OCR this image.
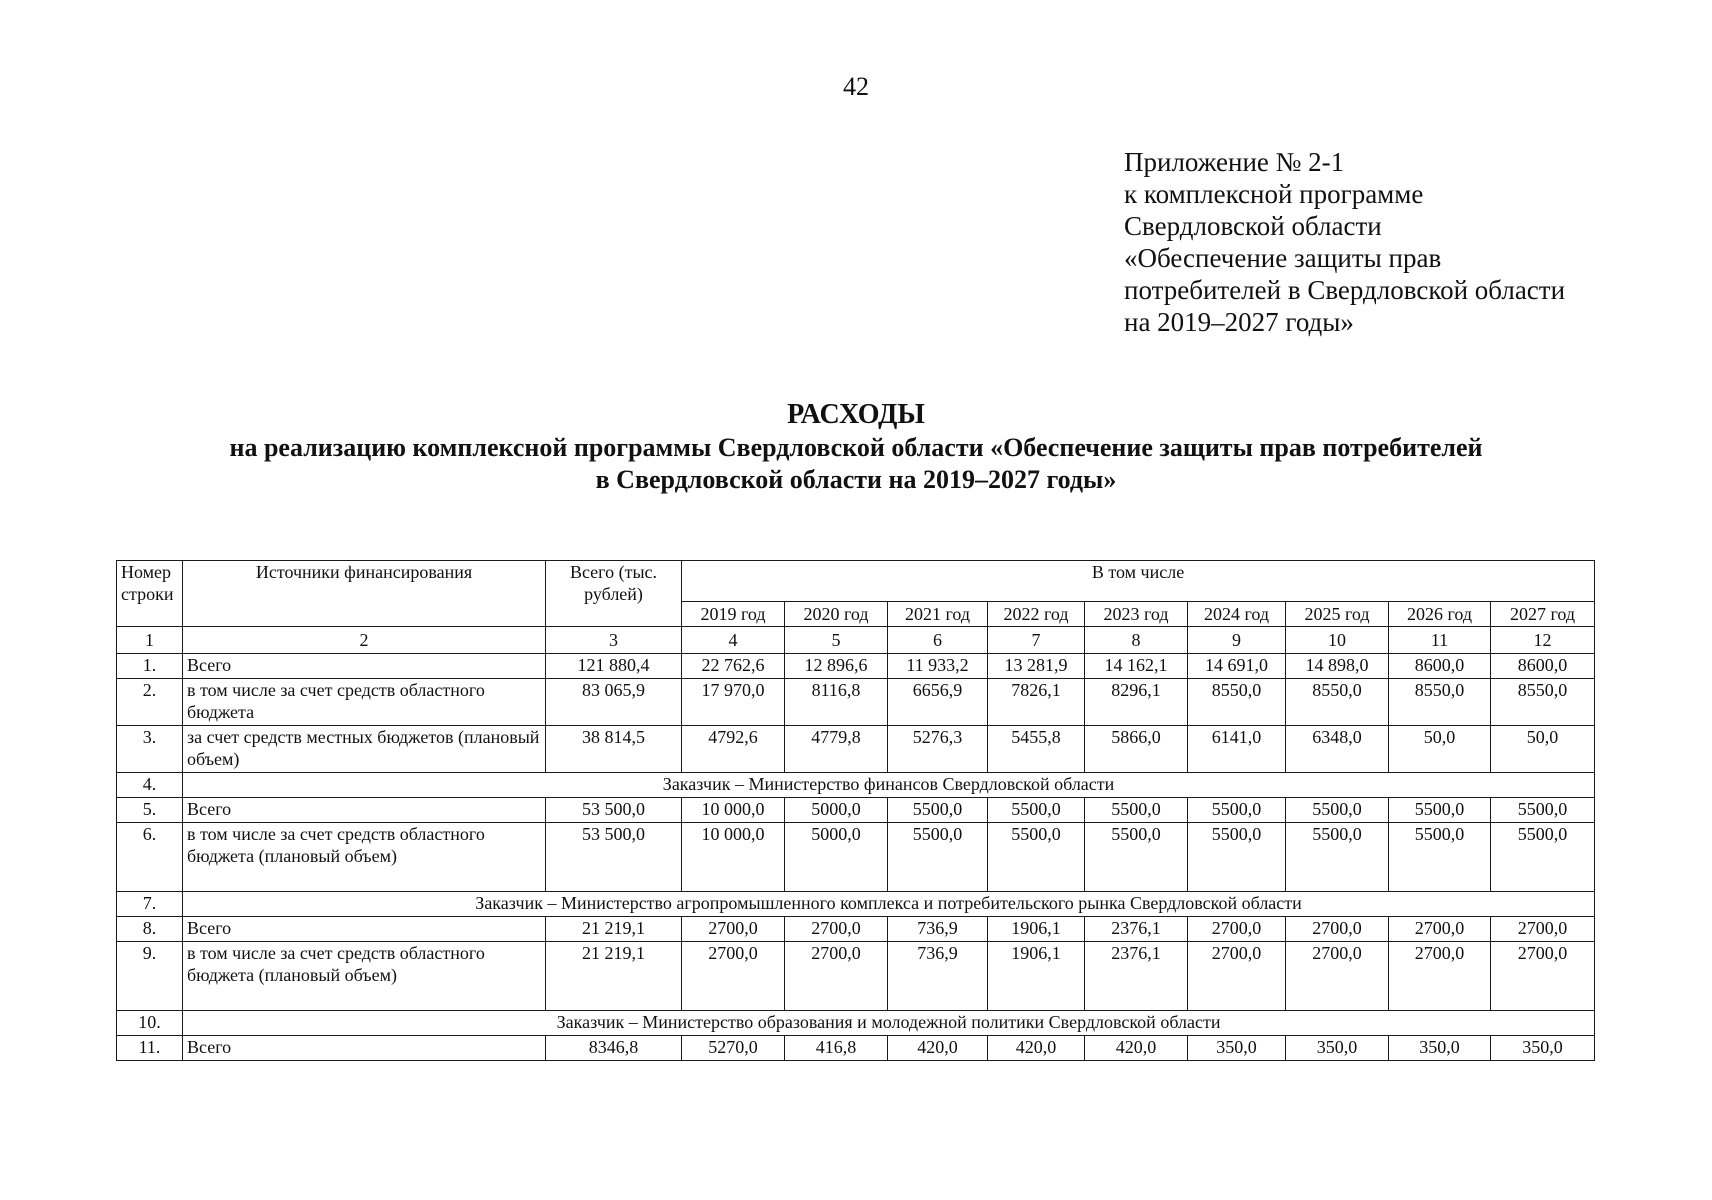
42
Приложение № 2-1
к комплексной программе
Свердловской области
«Обеспечение защиты прав
потребителей в Свердловской области
на 2019–2027 годы»
РАСХОДЫ
на реализацию комплексной программы Свердловской области «Обеспечение защиты прав потребителей
в Свердловской области на 2019–2027 годы»
Номер строки	Источники финансирования	Всего (тыс. рублей)	В том числе								
			2019 год	2020 год	2021 год	2022 год	2023 год	2024 год	2025 год	2026 год	2027 год
1	2	3	4	5	6	7	8	9	10	11	12
1.	Всего	121 880,4	22 762,6	12 896,6	11 933,2	13 281,9	14 162,1	14 691,0	14 898,0	8600,0	8600,0
2.	в том числе за счет средств областного бюджета	83 065,9	17 970,0	8116,8	6656,9	7826,1	8296,1	8550,0	8550,0	8550,0	8550,0
3.	за счет средств местных бюджетов (плановый объем)	38 814,5	4792,6	4779,8	5276,3	5455,8	5866,0	6141,0	6348,0	50,0	50,0
4.	Заказчик – Министерство финансов Свердловской области										
5.	Всего	53 500,0	10 000,0	5000,0	5500,0	5500,0	5500,0	5500,0	5500,0	5500,0	5500,0
6.	в том числе за счет средств областного бюджета (плановый объем)	53 500,0	10 000,0	5000,0	5500,0	5500,0	5500,0	5500,0	5500,0	5500,0	5500,0
7.	Заказчик – Министерство агропромышленного комплекса и потребительского рынка Свердловской области										
8.	Всего	21 219,1	2700,0	2700,0	736,9	1906,1	2376,1	2700,0	2700,0	2700,0	2700,0
9.	в том числе за счет средств областного бюджета (плановый объем)	21 219,1	2700,0	2700,0	736,9	1906,1	2376,1	2700,0	2700,0	2700,0	2700,0
10.	Заказчик – Министерство образования и молодежной политики Свердловской области										
11.	Всего	8346,8	5270,0	416,8	420,0	420,0	420,0	350,0	350,0	350,0	350,0
